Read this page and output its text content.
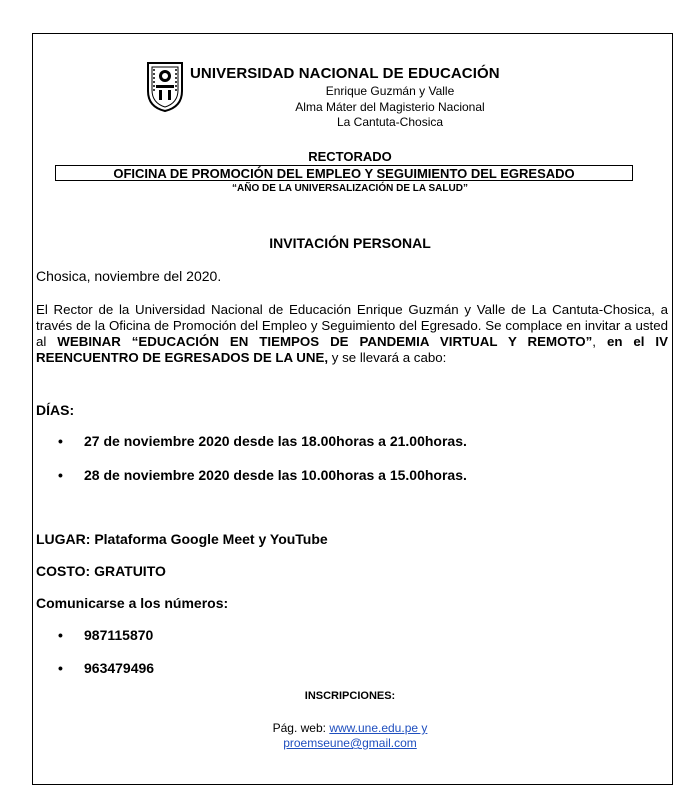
UNIVERSIDAD NACIONAL DE EDUCACIÓN
Enrique Guzmán y Valle
Alma Máter del Magisterio Nacional
La Cantuta-Chosica
RECTORADO
OFICINA DE PROMOCIÓN DEL EMPLEO Y SEGUIMIENTO DEL EGRESADO
“AÑO DE LA UNIVERSALIZACIÓN DE LA SALUD”
INVITACIÓN PERSONAL
Chosica, noviembre del 2020.
El Rector de la Universidad Nacional de Educación Enrique Guzmán y Valle de La Cantuta-Chosica, a través de la Oficina de Promoción del Empleo y Seguimiento del Egresado. Se complace en invitar a usted al WEBINAR “EDUCACIÓN EN TIEMPOS DE PANDEMIA VIRTUAL Y REMOTO”, en el IV REENCUENTRO DE EGRESADOS DE LA UNE, y se llevará a cabo:
DÍAS:
• 27 de noviembre 2020 desde las 18.00horas a 21.00horas.
• 28 de noviembre 2020 desde las 10.00horas a 15.00horas.
LUGAR: Plataforma Google Meet y YouTube
COSTO: GRATUITO
Comunicarse a los números:
• 987115870
• 963479496
INSCRIPCIONES:
Pág. web: www.une.edu.pe y
proemseune@gmail.com
